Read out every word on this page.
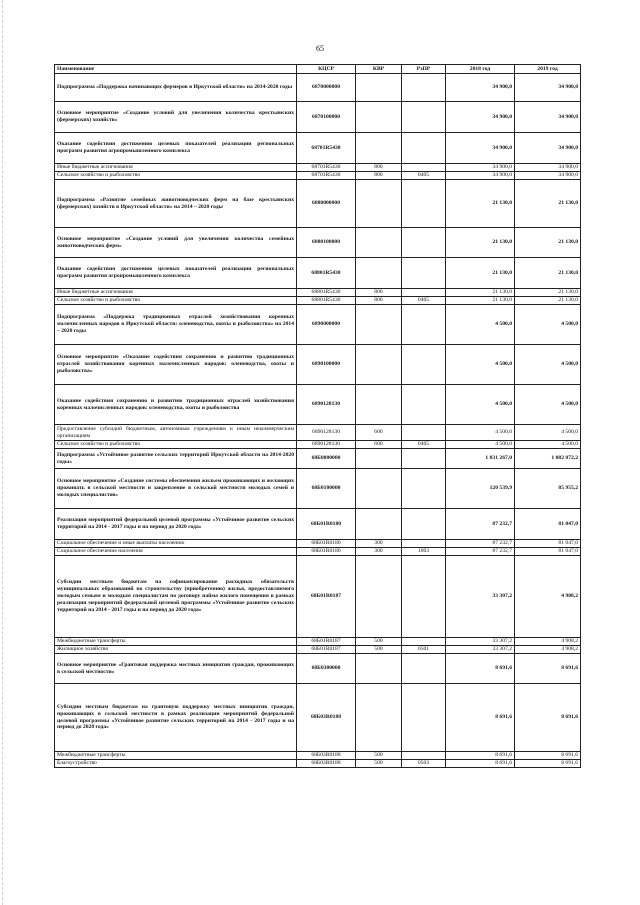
65
Наименование	КЦСР	КВР	РзПР	2018 год	2019 год
Подпрограмма «Поддержка начинающих фермеров в Иркутской области» на 2014-2020 годы	6870000000			34 900,0	34 900,0
Основное мероприятие «Создание условий для увеличения количества крестьянских (фермерских) хозяйств»	6870100000			34 900,0	34 900,0
Оказание содействия достижению целевых показателей реализации региональных программ развития агропромышленного комплекса	68701R5430			34 900,0	34 900,0
Иные бюджетные ассигнования	68701R5430	800		34 900,0	34 900,0
Сельское хозяйство и рыболовство	68701R5430	800	0405	34 900,0	34 900,0
Подпрограмма «Развитие семейных животноводческих ферм на базе крестьянских (фермерских) хозяйств в Иркутской области» на 2014 – 2020 годы	6880000000			21 130,0	21 130,0
Основное мероприятие «Создание условий для увеличения количества семейных животноводческих ферм»	6880100000			21 130,0	21 130,0
Оказание содействия достижению целевых показателей реализации региональных программ развития агропромышленного комплекса	68801R5430			21 130,0	21 130,0
Иные бюджетные ассигнования	68801R5430	800		21 130,0	21 130,0
Сельское хозяйство и рыболовство	68801R5430	800	0405	21 130,0	21 130,0
Подпрограмма «Поддержка традиционных отраслей хозяйствования коренных малочисленных народов в Иркутской области: оленеводства, охоты и рыболовства» на 2014 – 2020 годы	6890000000			4 500,0	4 500,0
Основное мероприятие «Оказание содействия сохранению и развитию традиционных отраслей хозяйствования коренных малочисленных народов: оленеводства, охоты и рыболовства»	6890100000			4 500,0	4 500,0
Оказание содействия сохранению и развитию традиционных отраслей хозяйствования коренных малочисленных народов: оленеводства, охоты и рыболовства	6890128130			4 500,0	4 500,0
Предоставление субсидий бюджетным, автономным учреждениям и иным некоммерческим организациям	6890128130	600		4 500,0	4 500,0
Сельское хозяйство и рыболовство	6890128130	600	0405	4 500,0	4 500,0
Подпрограмма «Устойчивое развитие сельских территорий Иркутской области на 2014-2020 годы»	68Б0000000			1 031 267,0	1 082 072,2
Основное мероприятие «Создание системы обеспечения жильем проживающих и желающих проживать в сельской местности и закрепление в сельской местности молодых семей и молодых специалистов»	68Б0100000			120 539,9	85 955,2
Реализация мероприятий федеральной целевой программы «Устойчивое развитие сельских территорий на 2014 - 2017 годы и на период до 2020 года»	68Б01R0180			87 232,7	81 047,0
Социальное обеспечение и иные выплаты населению	68Б01R0180	300		87 232,7	81 047,0
Социальное обеспечение населения	68Б01R0180	300	1003	87 232,7	81 047,0
Субсидии местным бюджетам на софинансирование расходных обязательств муниципальных образований по строительству (приобретению) жилья, предоставляемого молодым семьям и молодым специалистам по договору найма жилого помещения в рамках реализации мероприятий федеральной целевой программы «Устойчивое развитие сельских территорий на 2014 - 2017 годы и на период до 2020 года»	68Б01R0187			33 307,2	4 908,2
Межбюджетные трансферты	68Б01R0187	500		33 307,2	4 908,2
Жилищное хозяйство	68Б01R0187	500	0501	33 307,2	4 908,2
Основное мероприятие «Грантовая поддержка местных инициатив граждан, проживающих в сельской местности»	68Б0300000			8 691,6	8 691,6
Субсидии местным бюджетам на грантовую поддержку местных инициатив граждан, проживающих в сельской местности в рамках реализации мероприятий федеральной целевой программы «Устойчивое развитие сельских территорий на 2014 - 2017 годы и на период до 2020 года»	68Б03R0188			8 691,6	8 691,6
Межбюджетные трансферты	68Б03R0188	500		8 691,6	8 691,6
Благоустройство	68Б03R0188	500	0503	8 691,6	8 691,6
